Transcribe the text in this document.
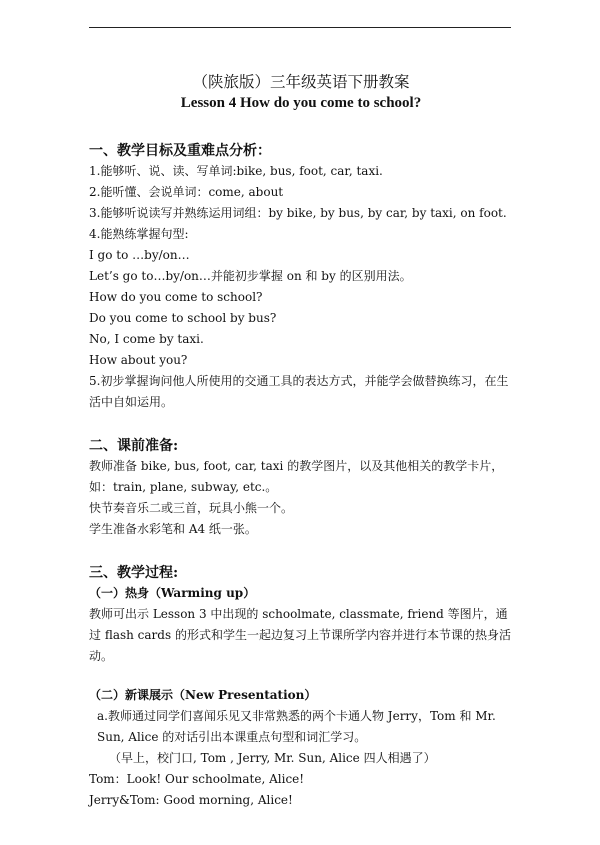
（陕旅版）三年级英语下册教案

Lesson 4 How do you come to school?

一、教学目标及重难点分析：

1.能够听、说、读、写单词:bike, bus, foot, car, taxi.

2.能听懂、会说单词：come, about

3.能够听说读写并熟练运用词组：by bike, by bus, by car, by taxi, on foot.

4.能熟练掌握句型:

I go to …by/on…

Let’s go to…by/on…并能初步掌握 on 和 by 的区别用法。

How do you come to school?

Do you come to school by bus?

No, I come by taxi.

How about you?

5.初步掌握询问他人所使用的交通工具的表达方式，并能学会做替换练习，在生活中自如运用。

二、课前准备:

教师准备 bike, bus, foot, car, taxi 的教学图片，以及其他相关的教学卡片，如：train, plane, subway, etc.。

快节奏音乐二或三首，玩具小熊一个。

学生准备水彩笔和 A4 纸一张。

三、教学过程:

（一）热身（Warming up）

教师可出示 Lesson 3 中出现的 schoolmate, classmate, friend 等图片，通过 flash cards 的形式和学生一起边复习上节课所学内容并进行本节课的热身活动。

（二）新课展示（New Presentation）

a.教师通过同学们喜闻乐见又非常熟悉的两个卡通人物 Jerry，Tom 和 Mr. Sun, Alice 的对话引出本课重点句型和词汇学习。

（早上，校门口, Tom , Jerry, Mr. Sun, Alice 四人相遇了）

Tom：Look! Our schoolmate, Alice!

Jerry&Tom: Good morning, Alice!
